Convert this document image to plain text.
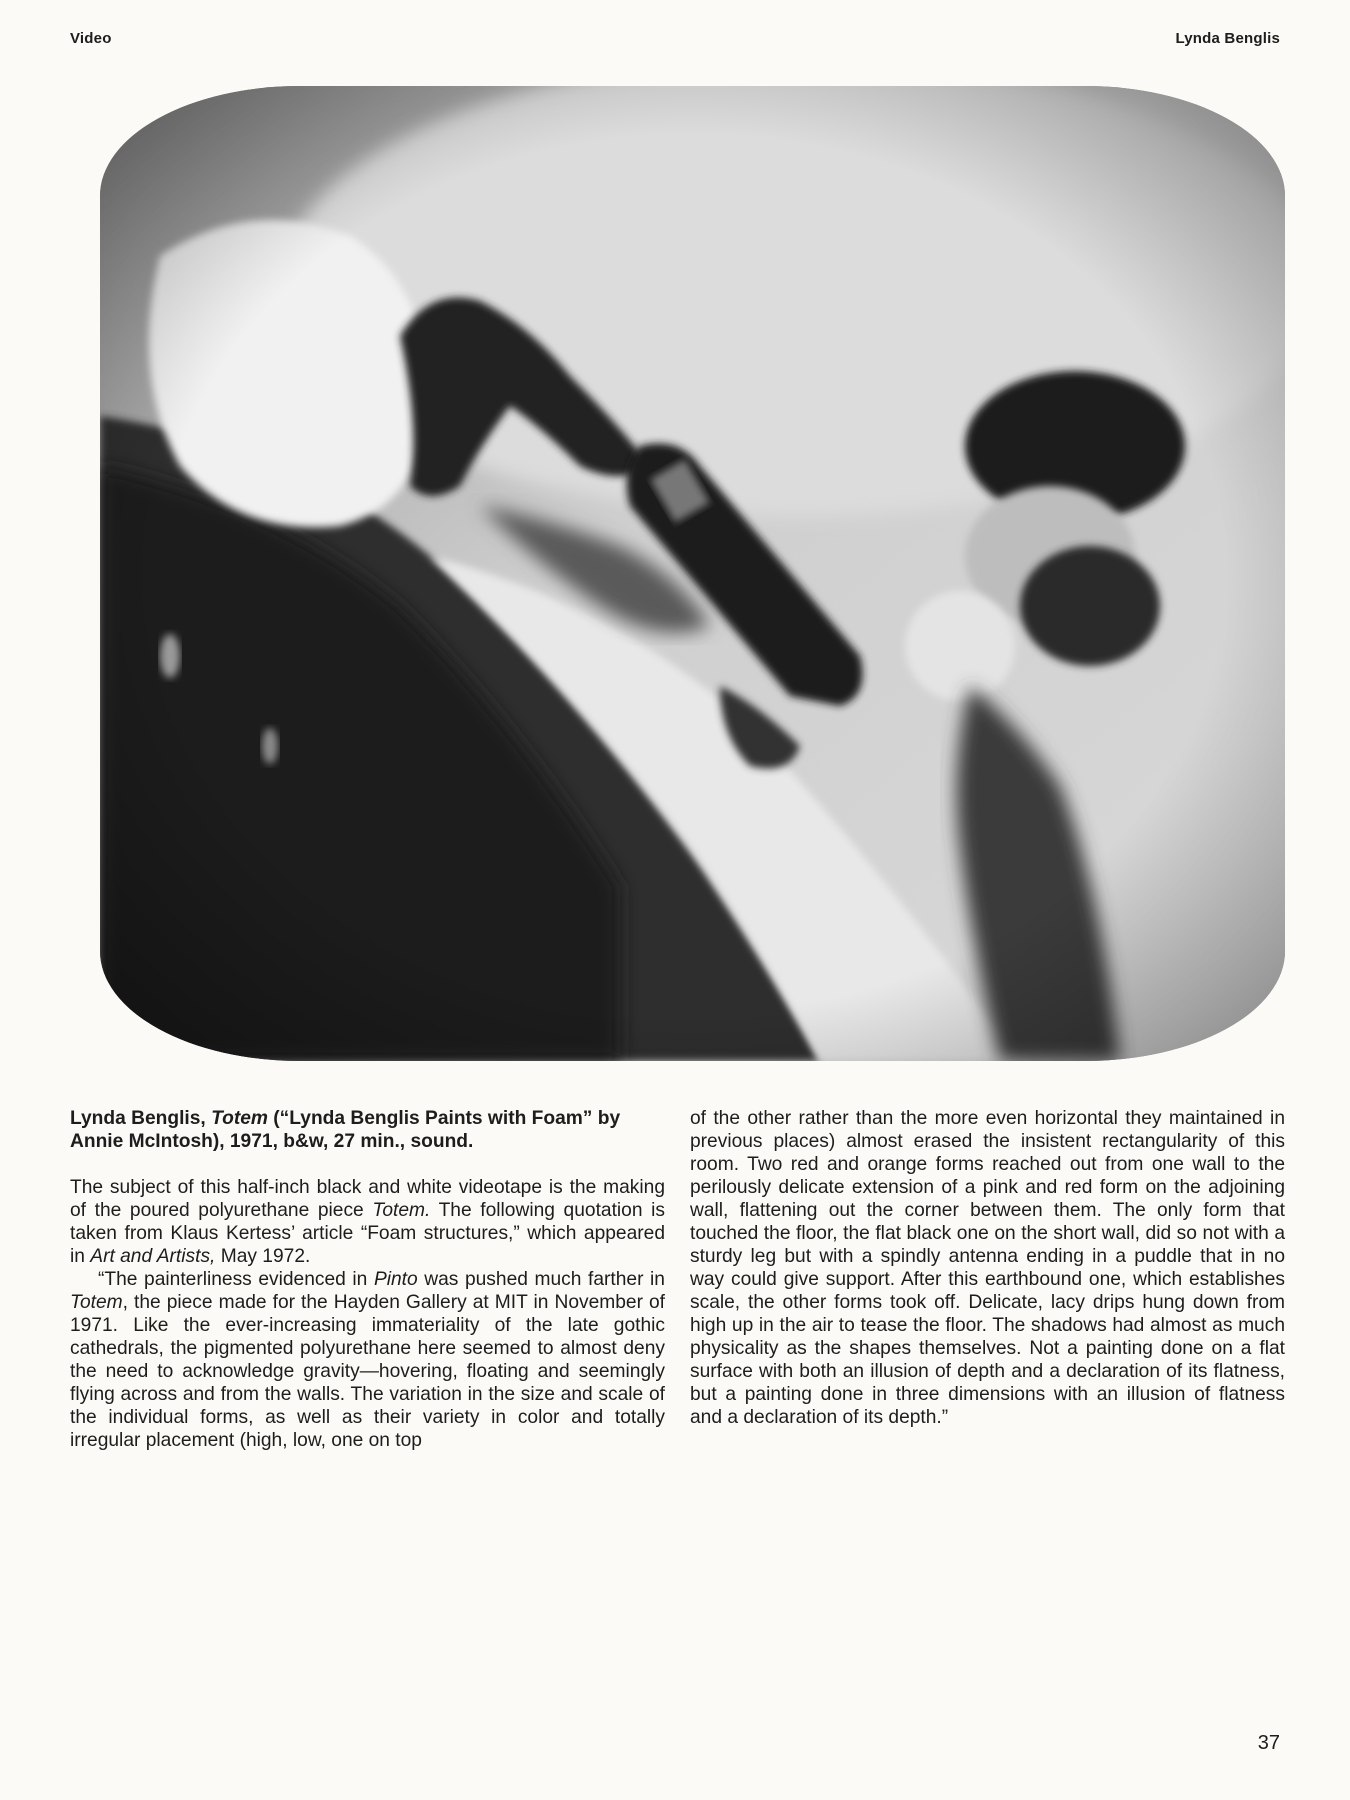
Video	Lynda Benglis

Lynda Benglis, Totem (“Lynda Benglis Paints with Foam” by Annie McIntosh), 1971, b&w, 27 min., sound.

The subject of this half-inch black and white videotape is the making of the poured polyurethane piece Totem. The following quotation is taken from Klaus Kertess’ article “Foam structures,” which appeared in Art and Artists, May 1972.

“The painterliness evidenced in Pinto was pushed much farther in Totem, the piece made for the Hayden Gallery at MIT in November of 1971. Like the ever-increasing immateriality of the late gothic cathedrals, the pigmented polyurethane here seemed to almost deny the need to acknowledge gravity—hovering, floating and seemingly flying across and from the walls. The variation in the size and scale of the individual forms, as well as their variety in color and totally irregular placement (high, low, one on top

of the other rather than the more even horizontal they maintained in previous places) almost erased the insistent rectangularity of this room. Two red and orange forms reached out from one wall to the perilously delicate extension of a pink and red form on the adjoining wall, flattening out the corner between them. The only form that touched the floor, the flat black one on the short wall, did so not with a sturdy leg but with a spindly antenna ending in a puddle that in no way could give support. After this earthbound one, which establishes scale, the other forms took off. Delicate, lacy drips hung down from high up in the air to tease the floor. The shadows had almost as much physicality as the shapes themselves. Not a painting done on a flat surface with both an illusion of depth and a declaration of its flatness, but a painting done in three dimensions with an illusion of flatness and a declaration of its depth.”

37
